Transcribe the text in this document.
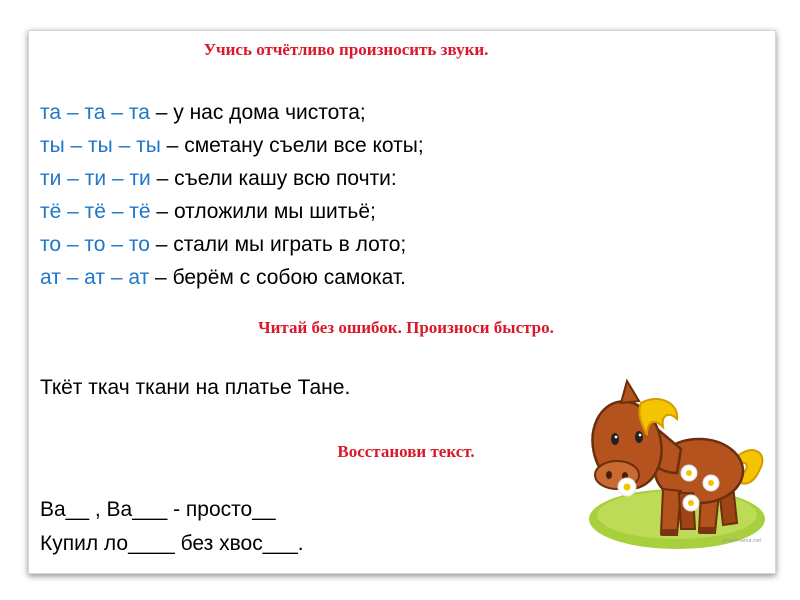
Учись отчётливо произносить звуки.

та – та – та – у нас дома чистота;
ты – ты – ты – сметану съели все коты;
ти – ти – ти – съели кашу всю почти:
тё – тё – тё – отложили мы шитьё;
то – то – то – стали мы играть в лото;
ат – ат – ат – берём с собою самокат.

Читай без ошибок. Произноси быстро.

Ткёт ткач ткани на платье Тане.

Восстанови текст.

Ва__ , Ва___ - просто__

Купил ло____ без хвос___.	gifanimania.net
